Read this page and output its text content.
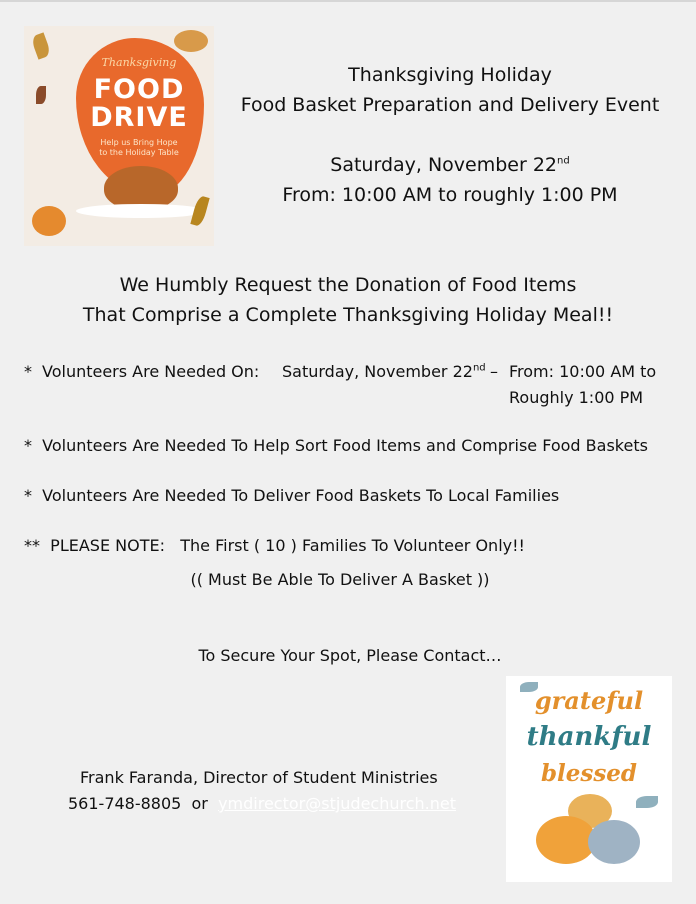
Thanksgiving
FOOD
DRIVE
Help us Bring Hope
to the Holiday Table
Thanksgiving Holiday
Food Basket Preparation and Delivery Event
Saturday, November 22nd
From: 10:00 AM to roughly 1:00 PM
We Humbly Request the Donation of Food Items
That Comprise a Complete Thanksgiving Holiday Meal!!
* Volunteers Are Needed On: Saturday, November 22nd – From: 10:00 AM to
Roughly 1:00 PM
* Volunteers Are Needed To Help Sort Food Items and Comprise Food Baskets
* Volunteers Are Needed To Deliver Food Baskets To Local Families
** PLEASE NOTE: The First ( 10 ) Families To Volunteer Only!!
(( Must Be Able To Deliver A Basket ))
To Secure Your Spot, Please Contact…
Frank Faranda, Director of Student Ministries
561-748-8805 or ymdirector@stjudechurch.net
grateful
thankful
blessed
